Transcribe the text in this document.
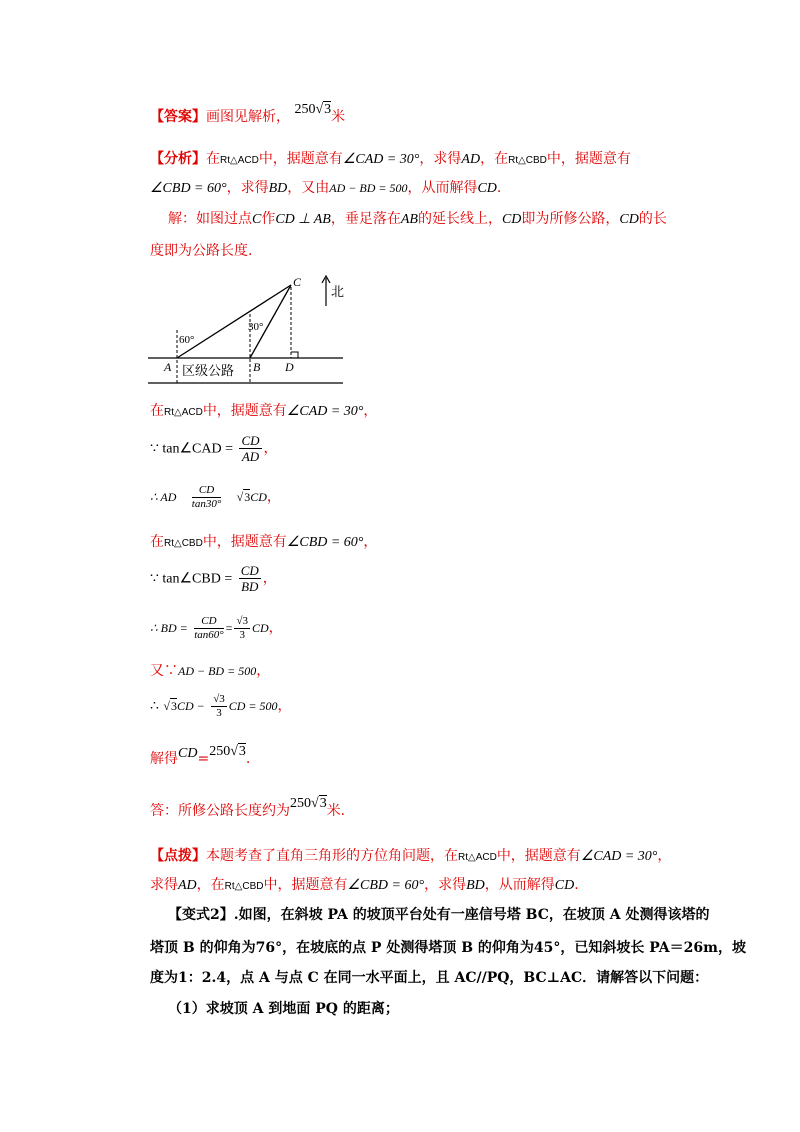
【答案】画图见解析， 250√3米
【分析】在Rt△ACD中，据题意有∠CAD = 30°，求得AD，在Rt△CBD中，据题意有
∠CBD = 60°，求得BD，又由AD − BD = 500，从而解得CD.
解：如图过点C作CD ⊥ AB，垂足落在AB的延长线上，CD即为所修公路，CD的长
度即为公路长度.
C
A	B D
60°
30°
北
区级公路
在Rt△ACD中，据题意有∠CAD = 30°，
∵ tan∠CAD = $\frac{CD}{AD}$ ，
∴ AD $\frac{CD}{\tan 30^\circ} √3CD$，
在Rt△CBD中，据题意有∠CBD = 60°，
∵ tan∠CBD = $\frac{CD}{BD}$ ，
∴ BD = $\frac{CD}{\tan 60^\circ} = \frac{√3}{3}$ CD，
又∵AD − BD = 500，
∴ $√3CD - \frac{√3}{3}$ CD = 500，
解得CD=250√3.
答：所修公路长度约为250√3米.
【点拨】本题考查了直角三角形的方位角问题，在Rt△ACD中，据题意有∠CAD = 30°，
求得AD，在Rt△CBD中，据题意有∠CBD = 60°，求得BD，从而解得CD.
【变式2】.如图，在斜坡 PA 的坡顶平台处有一座信号塔 BC，在坡顶 A 处测得该塔的
塔顶 B 的仰角为76°，在坡底的点 P 处测得塔顶 B 的仰角为45°，已知斜坡长 PA＝26m，坡
度为1：2.4，点 A 与点 C 在同一水平面上，且 AC//PQ，BC⊥AC．请解答以下问题：
（1）求坡顶 A 到地面 PQ 的距离；
